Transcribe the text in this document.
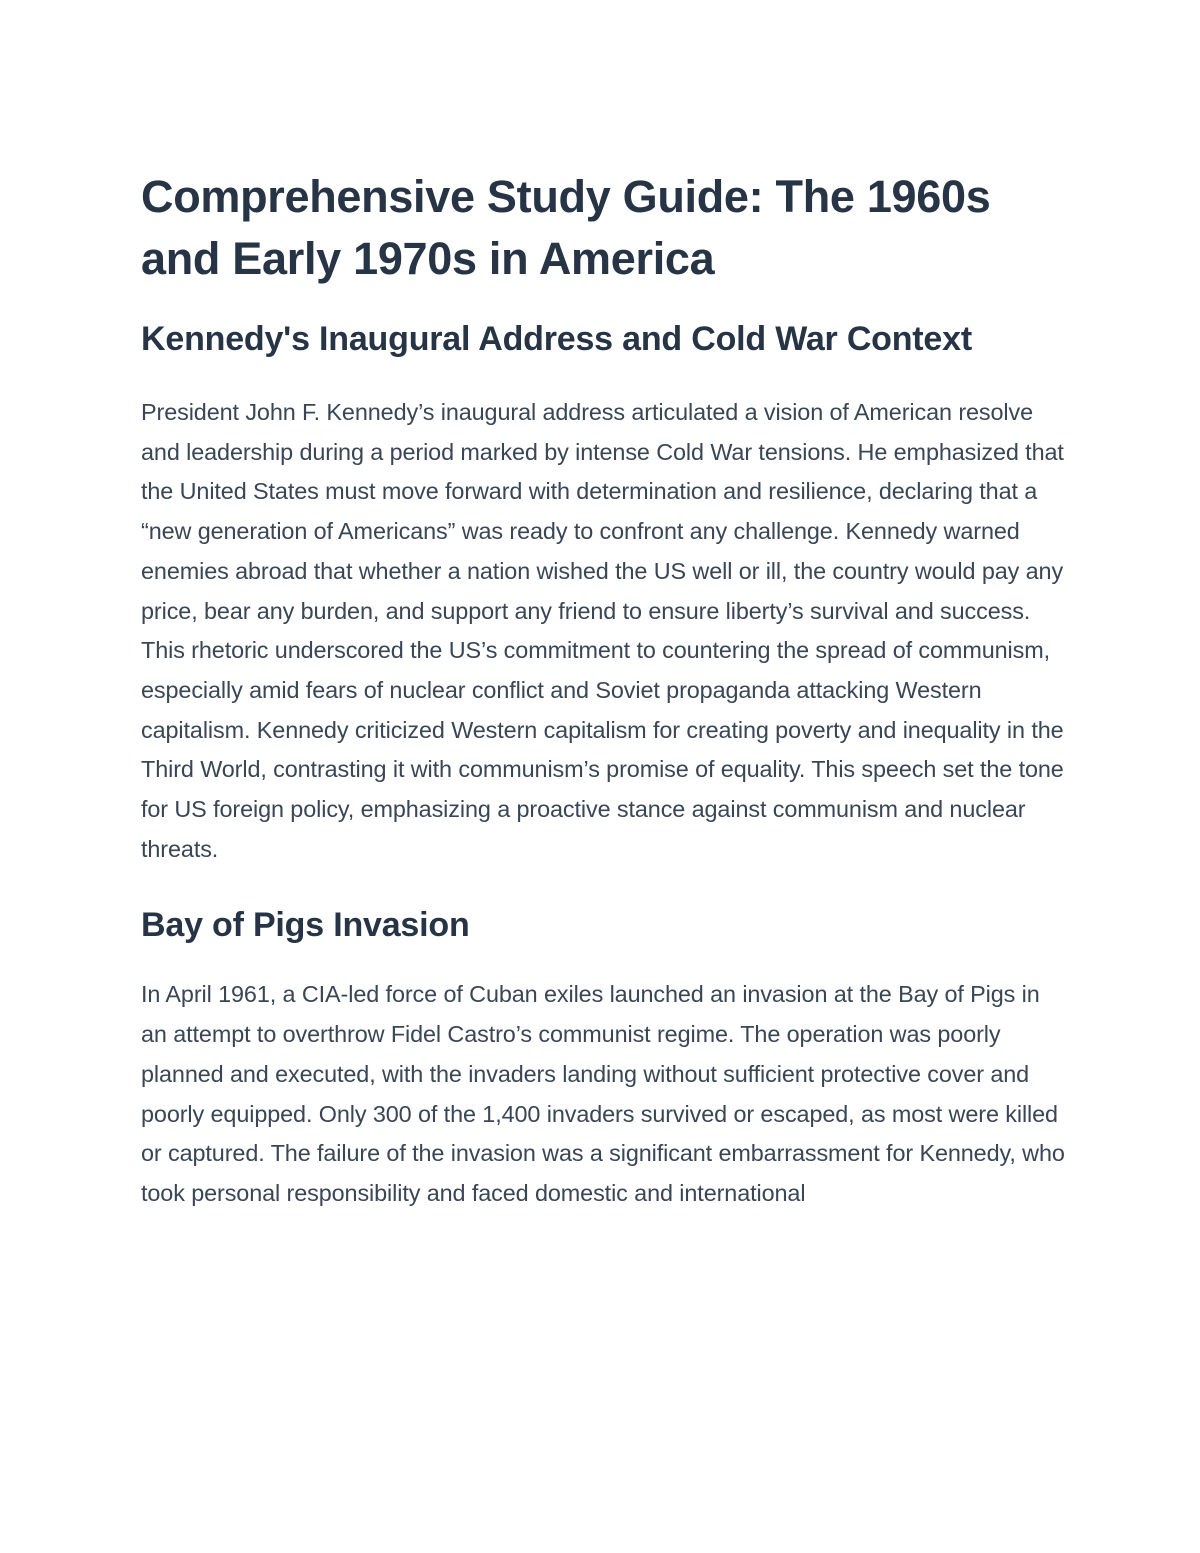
Comprehensive Study Guide: The 1960s and Early 1970s in America
Kennedy's Inaugural Address and Cold War Context

President John F. Kennedy’s inaugural address articulated a vision of American resolve and leadership during a period marked by intense Cold War tensions. He emphasized that the United States must move forward with determination and resilience, declaring that a “new generation of Americans” was ready to confront any challenge. Kennedy warned enemies abroad that whether a nation wished the US well or ill, the country would pay any price, bear any burden, and support any friend to ensure liberty’s survival and success. This rhetoric underscored the US’s commitment to countering the spread of communism, especially amid fears of nuclear conflict and Soviet propaganda attacking Western capitalism. Kennedy criticized Western capitalism for creating poverty and inequality in the Third World, contrasting it with communism’s promise of equality. This speech set the tone for US foreign policy, emphasizing a proactive stance against communism and nuclear threats.

Bay of Pigs Invasion

In April 1961, a CIA-led force of Cuban exiles launched an invasion at the Bay of Pigs in an attempt to overthrow Fidel Castro’s communist regime. The operation was poorly planned and executed, with the invaders landing without sufficient protective cover and poorly equipped. Only 300 of the 1,400 invaders survived or escaped, as most were killed or captured. The failure of the invasion was a significant embarrassment for Kennedy, who took personal responsibility and faced domestic and international
